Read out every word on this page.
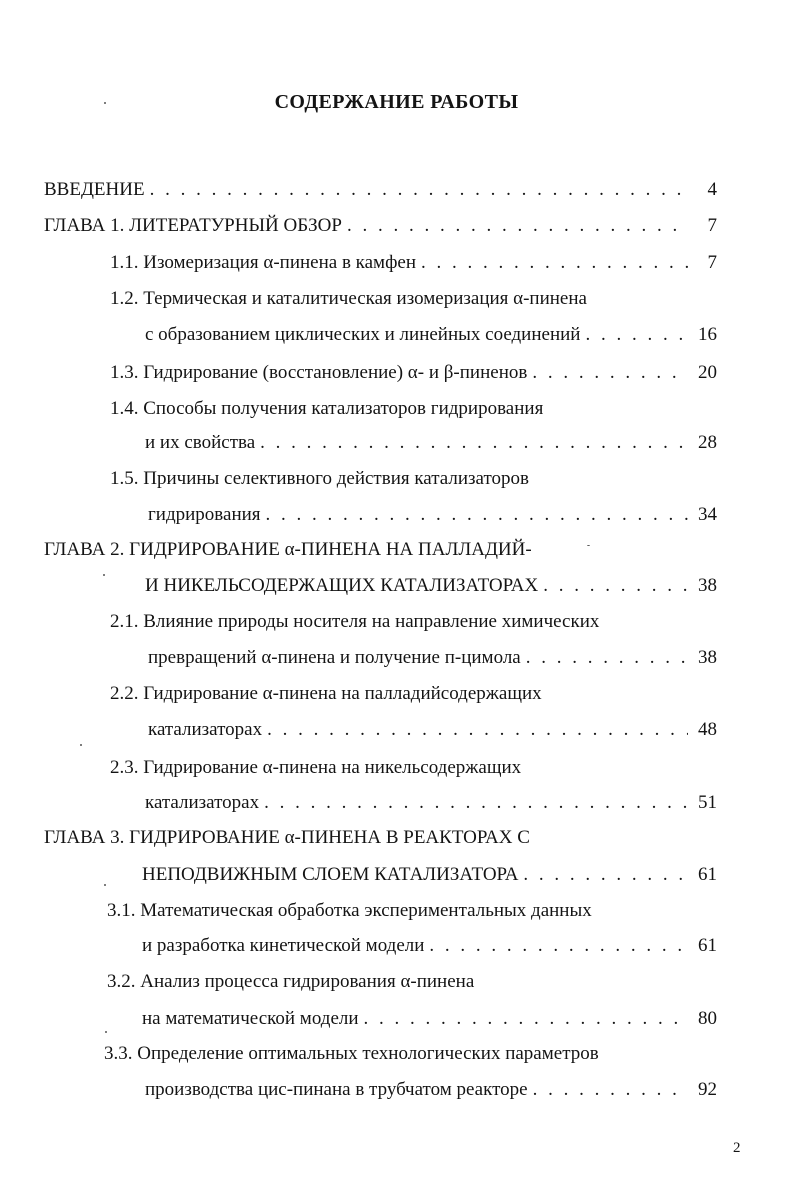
СОДЕРЖАНИЕ РАБОТЫ
ВВЕДЕНИЕ . . .	4
ГЛАВА 1. ЛИТЕРАТУРНЫЙ ОБЗОР . . .	7
1.1. Изомеризация α-пинена в камфен . . .	7
1.2. Термическая и каталитическая изомеризация α-пинена
с образованием циклических и линейных соединений . . .	16
1.3. Гидрирование (восстановление) α- и β-пиненов . . .	20
1.4. Способы получения катализаторов гидрирования
и их свойства . . .	28
1.5. Причины селективного действия катализаторов
гидрирования . . .	34
ГЛАВА 2. ГИДРИРОВАНИЕ α-ПИНЕНА НА ПАЛЛАДИЙ-
И НИКЕЛЬСОДЕРЖАЩИХ КАТАЛИЗАТОРАХ . . .	38
2.1. Влияние природы носителя на направление химических
превращений α-пинена и получение п-цимола . . .	38
2.2. Гидрирование α-пинена на палладийсодержащих
катализаторах . . .	48
2.3. Гидрирование α-пинена на никельсодержащих
катализаторах . . .	51
ГЛАВА 3. ГИДРИРОВАНИЕ α-ПИНЕНА В РЕАКТОРАХ С
НЕПОДВИЖНЫМ СЛОЕМ КАТАЛИЗАТОРА . . .	61
3.1. Математическая обработка экспериментальных данных
и разработка кинетической модели . . .	61
3.2. Анализ процесса гидрирования α-пинена
на математической модели . . .	80
3.3. Определение оптимальных технологических параметров
производства цис-пинана в трубчатом реакторе . . .	92
2
